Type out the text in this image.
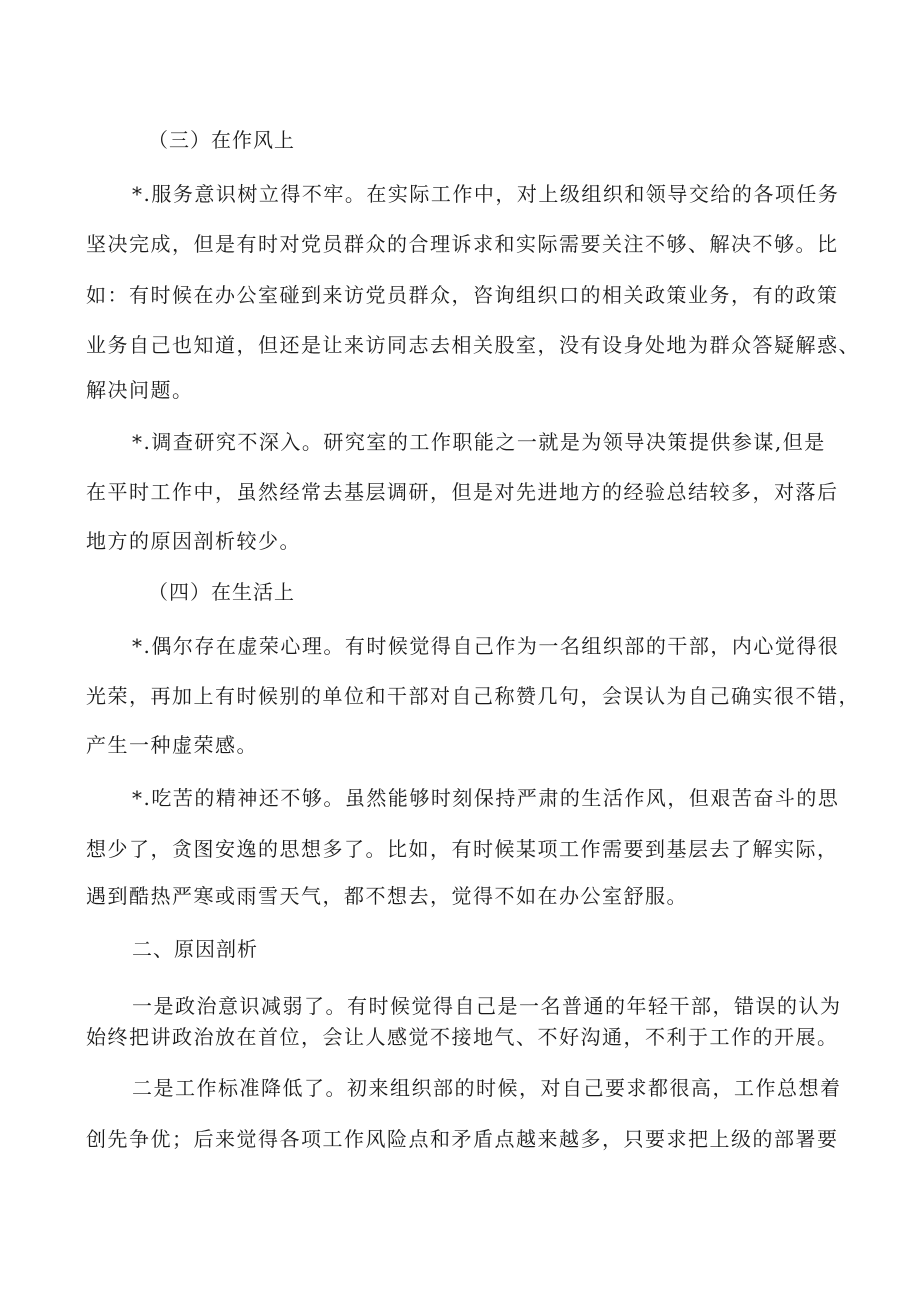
（三）在作风上
*.服务意识树立得不牢。在实际工作中，对上级组织和领导交给的各项任务
坚决完成，但是有时对党员群众的合理诉求和实际需要关注不够、解决不够。比
如：有时候在办公室碰到来访党员群众，咨询组织口的相关政策业务，有的政策
业务自己也知道，但还是让来访同志去相关股室，没有设身处地为群众答疑解惑、
解决问题。
*.调查研究不深入。研究室的工作职能之一就是为领导决策提供参谋,但是
在平时工作中，虽然经常去基层调研，但是对先进地方的经验总结较多，对落后
地方的原因剖析较少。
（四）在生活上
*.偶尔存在虚荣心理。有时候觉得自己作为一名组织部的干部，内心觉得很
光荣，再加上有时候别的单位和干部对自己称赞几句，会误认为自己确实很不错，
产生一种虚荣感。
*.吃苦的精神还不够。虽然能够时刻保持严肃的生活作风，但艰苦奋斗的思
想少了，贪图安逸的思想多了。比如，有时候某项工作需要到基层去了解实际，
遇到酷热严寒或雨雪天气，都不想去，觉得不如在办公室舒服。
二、原因剖析
一是政治意识减弱了。有时候觉得自己是一名普通的年轻干部，错误的认为
始终把讲政治放在首位，会让人感觉不接地气、不好沟通，不利于工作的开展。
二是工作标准降低了。初来组织部的时候，对自己要求都很高，工作总想着
创先争优；后来觉得各项工作风险点和矛盾点越来越多，只要求把上级的部署要
